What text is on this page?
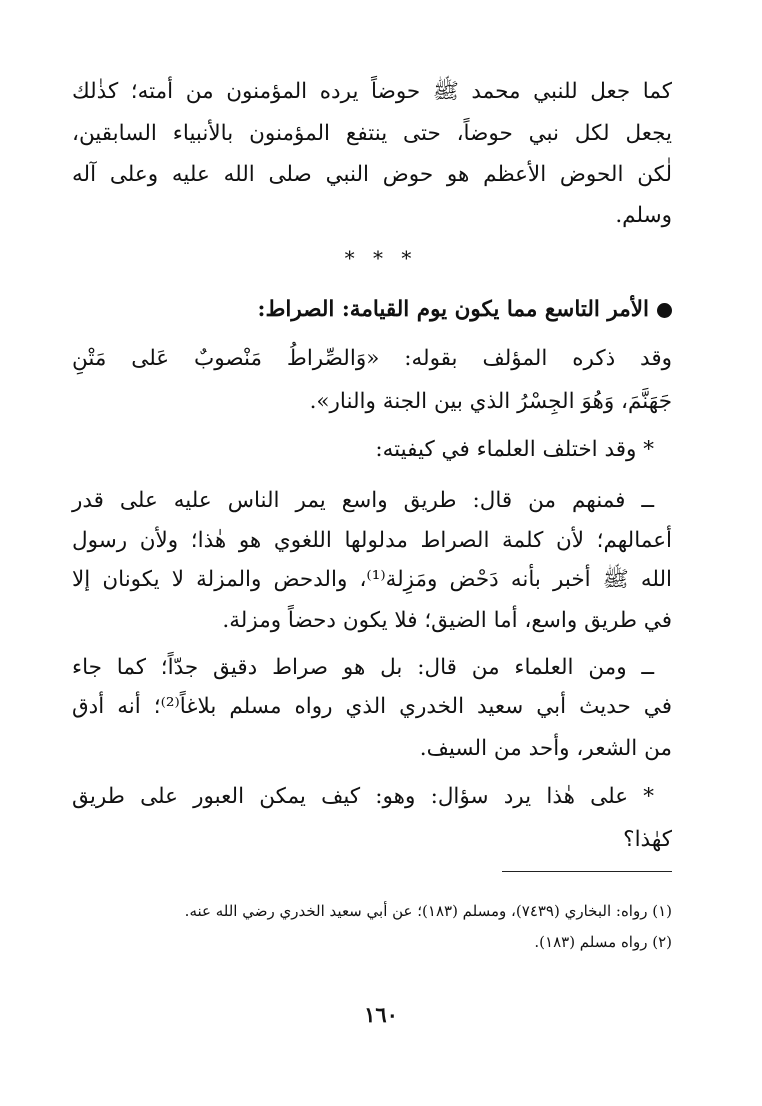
كما جعل للنبي محمد ﷺ حوضاً يرده المؤمنون من أمته؛ كذٰلك
يجعل لكل نبي حوضاً، حتى ينتفع المؤمنون بالأنبياء السابقين،
لٰكن الحوض الأعظم هو حوض النبي صلى الله عليه وعلى آله
وسلم.
* * *
الأمر التاسع مما يكون يوم القيامة: الصراط:
وقد ذكره المؤلف بقوله: «وَالصِّراطُ مَنْصوبٌ عَلى مَتْنِ
جَهَنَّمَ، وَهُوَ الجِسْرُ الذي بين الجنة والنار».
* وقد اختلف العلماء في كيفيته:
ــ فمنهم من قال: طريق واسع يمر الناس عليه على قدر
أعمالهم؛ لأن كلمة الصراط مدلولها اللغوي هو هٰذا؛ ولأن رسول
الله ﷺ أخبر بأنه دَحْض ومَزِلة⁽¹⁾، والدحض والمزلة لا يكونان إلا
في طريق واسع، أما الضيق؛ فلا يكون دحضاً ومزلة.
ــ ومن العلماء من قال: بل هو صراط دقيق جدّاً؛ كما جاء
في حديث أبي سعيد الخدري الذي رواه مسلم بلاغاً⁽²⁾؛ أنه أدق
من الشعر، وأحد من السيف.
* على هٰذا يرد سؤال: وهو: كيف يمكن العبور على طريق
كهٰذا؟
(١) رواه: البخاري (٧٤٣٩)، ومسلم (١٨٣)؛ عن أبي سعيد الخدري رضي الله عنه.
(٢) رواه مسلم (١٨٣).
١٦٠
